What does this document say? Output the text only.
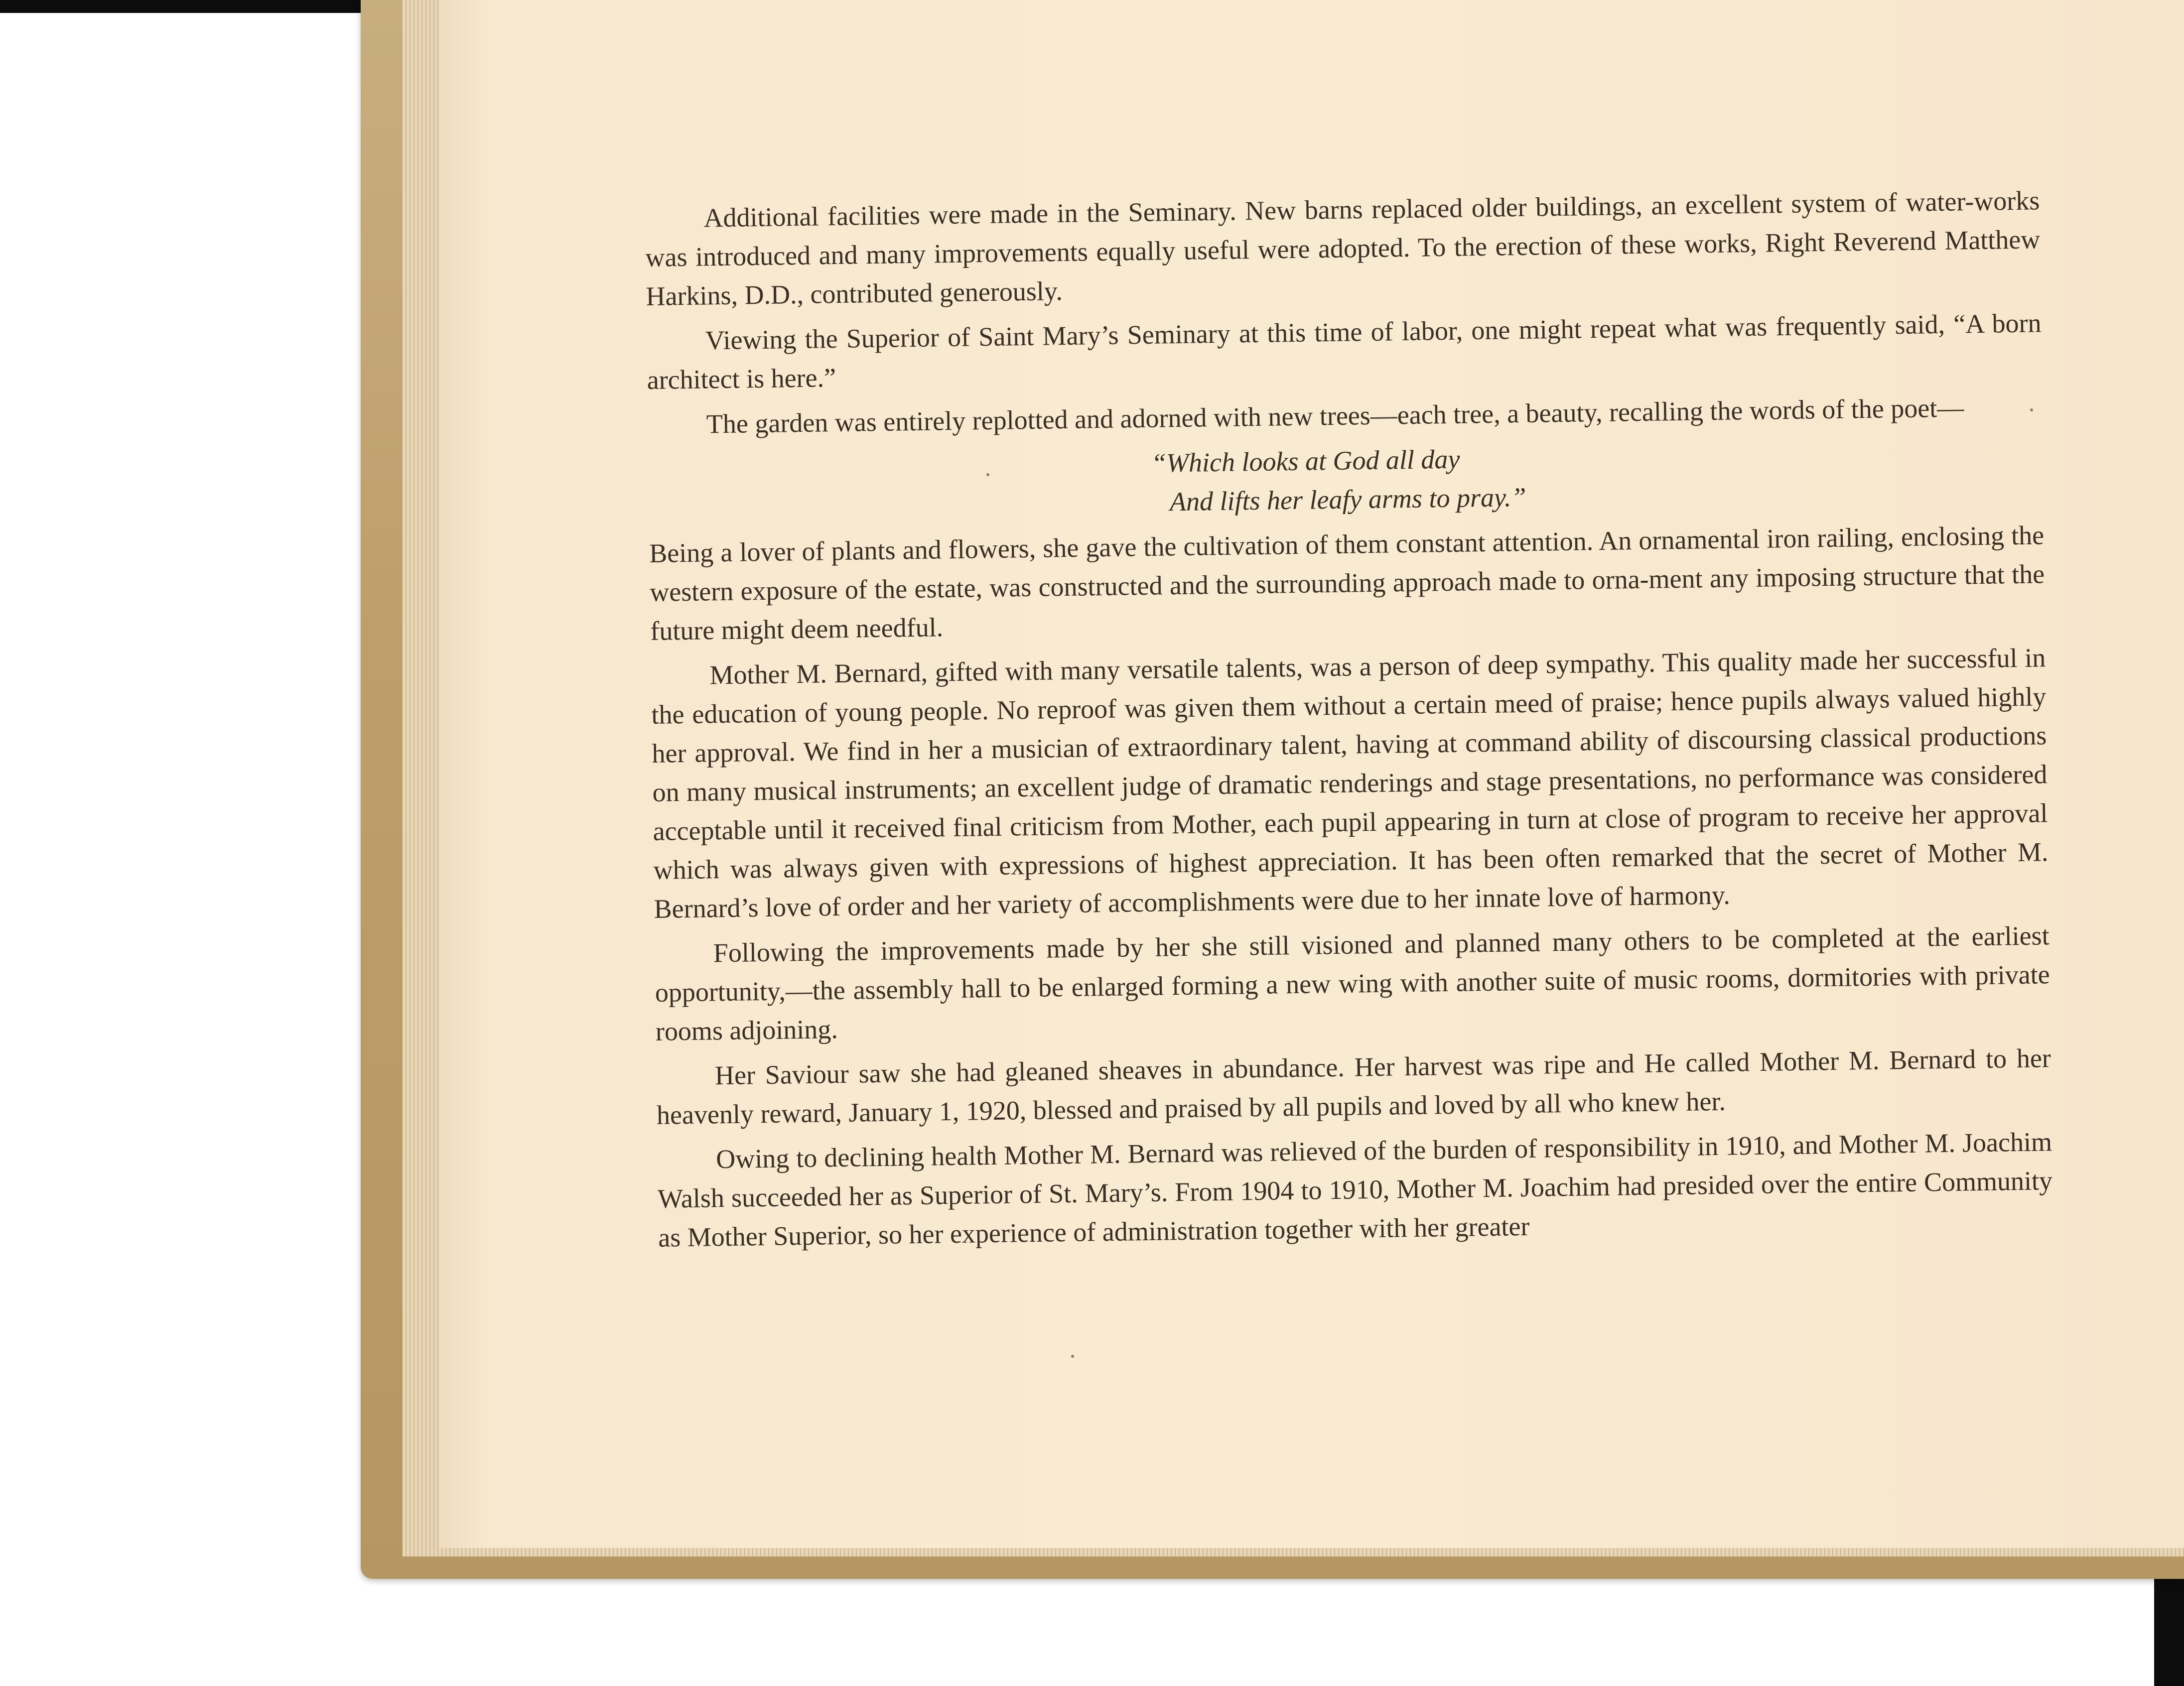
Additional facilities were made in the Seminary. New barns replaced older buildings, an excellent system of water-works was introduced and many improvements equally useful were adopted. To the erection of these works, Right Reverend Matthew Harkins, D.D., contributed generously.

Viewing the Superior of Saint Mary’s Seminary at this time of labor, one might repeat what was frequently said, “A born architect is here.”

The garden was entirely replotted and adorned with new trees—each tree, a beauty, recalling the words of the poet—

“Which looks at God all day
And lifts her leafy arms to pray.”

Being a lover of plants and flowers, she gave the cultivation of them constant attention. An ornamental iron railing, enclosing the western exposure of the estate, was constructed and the surrounding approach made to orna-ment any imposing structure that the future might deem needful.

Mother M. Bernard, gifted with many versatile talents, was a person of deep sympathy. This quality made her successful in the education of young people. No reproof was given them without a certain meed of praise; hence pupils always valued highly her approval. We find in her a musician of extraordinary talent, having at command ability of discoursing classical productions on many musical instruments; an excellent judge of dramatic renderings and stage presentations, no performance was considered acceptable until it received final criticism from Mother, each pupil appearing in turn at close of program to receive her approval which was always given with expressions of highest appreciation. It has been often remarked that the secret of Mother M. Bernard’s love of order and her variety of accomplishments were due to her innate love of harmony.

Following the improvements made by her she still visioned and planned many others to be completed at the earliest opportunity,—the assembly hall to be enlarged forming a new wing with another suite of music rooms, dormitories with private rooms adjoining.

Her Saviour saw she had gleaned sheaves in abundance. Her harvest was ripe and He called Mother M. Bernard to her heavenly reward, January 1, 1920, blessed and praised by all pupils and loved by all who knew her.

Owing to declining health Mother M. Bernard was relieved of the burden of responsibility in 1910, and Mother M. Joachim Walsh succeeded her as Superior of St. Mary’s. From 1904 to 1910, Mother M. Joachim had presided over the entire Community as Mother Superior, so her experience of administration together with her greater
